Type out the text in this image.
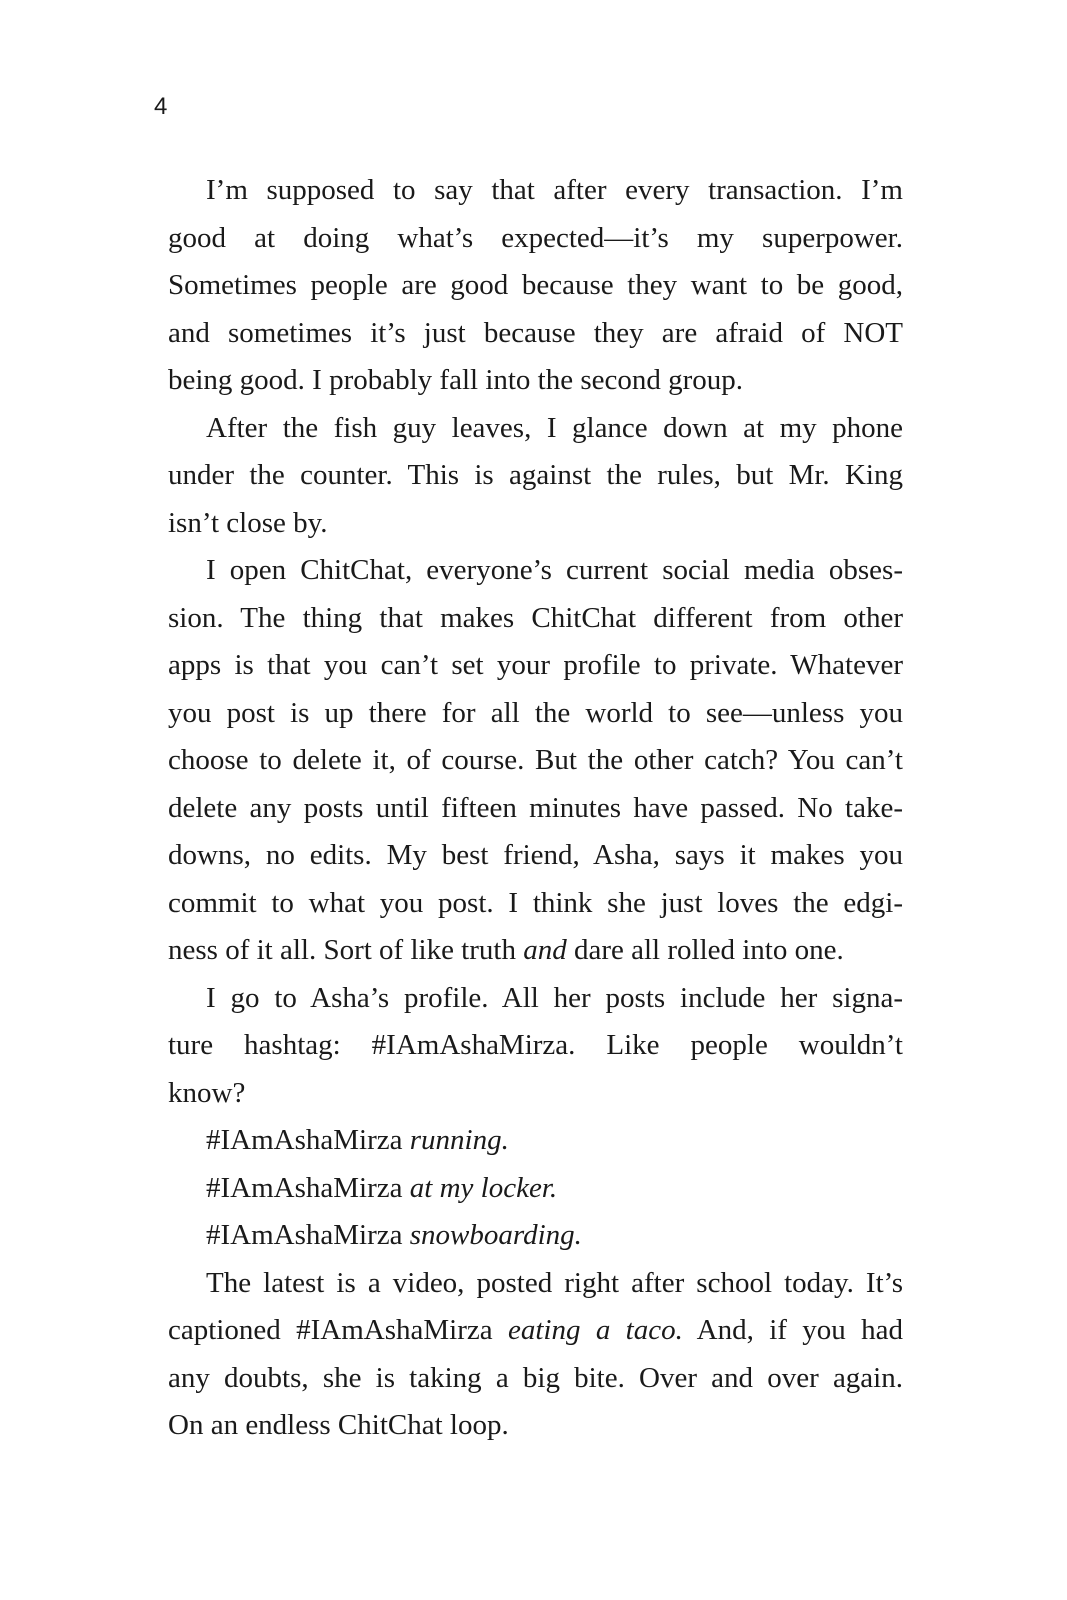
4
I’m supposed to say that after every transaction. I’m
good at doing what’s expected—it’s my superpower.
Sometimes people are good because they want to be good,
and sometimes it’s just because they are afraid of NOT
being good. I probably fall into the second group.
After the fish guy leaves, I glance down at my phone
under the counter. This is against the rules, but Mr. King
isn’t close by.
I open ChitChat, everyone’s current social media obses-
sion. The thing that makes ChitChat different from other
apps is that you can’t set your profile to private. Whatever
you post is up there for all the world to see—unless you
choose to delete it, of course. But the other catch? You can’t
delete any posts until fifteen minutes have passed. No take-
downs, no edits. My best friend, Asha, says it makes you
commit to what you post. I think she just loves the edgi-
ness of it all. Sort of like truth and dare all rolled into one.
I go to Asha’s profile. All her posts include her signa-
ture hashtag: #IAmAshaMirza. Like people wouldn’t
know?
#IAmAshaMirza running.
#IAmAshaMirza at my locker.
#IAmAshaMirza snowboarding.
The latest is a video, posted right after school today. It’s
captioned #IAmAshaMirza eating a taco. And, if you had
any doubts, she is taking a big bite. Over and over again.
On an endless ChitChat loop.
